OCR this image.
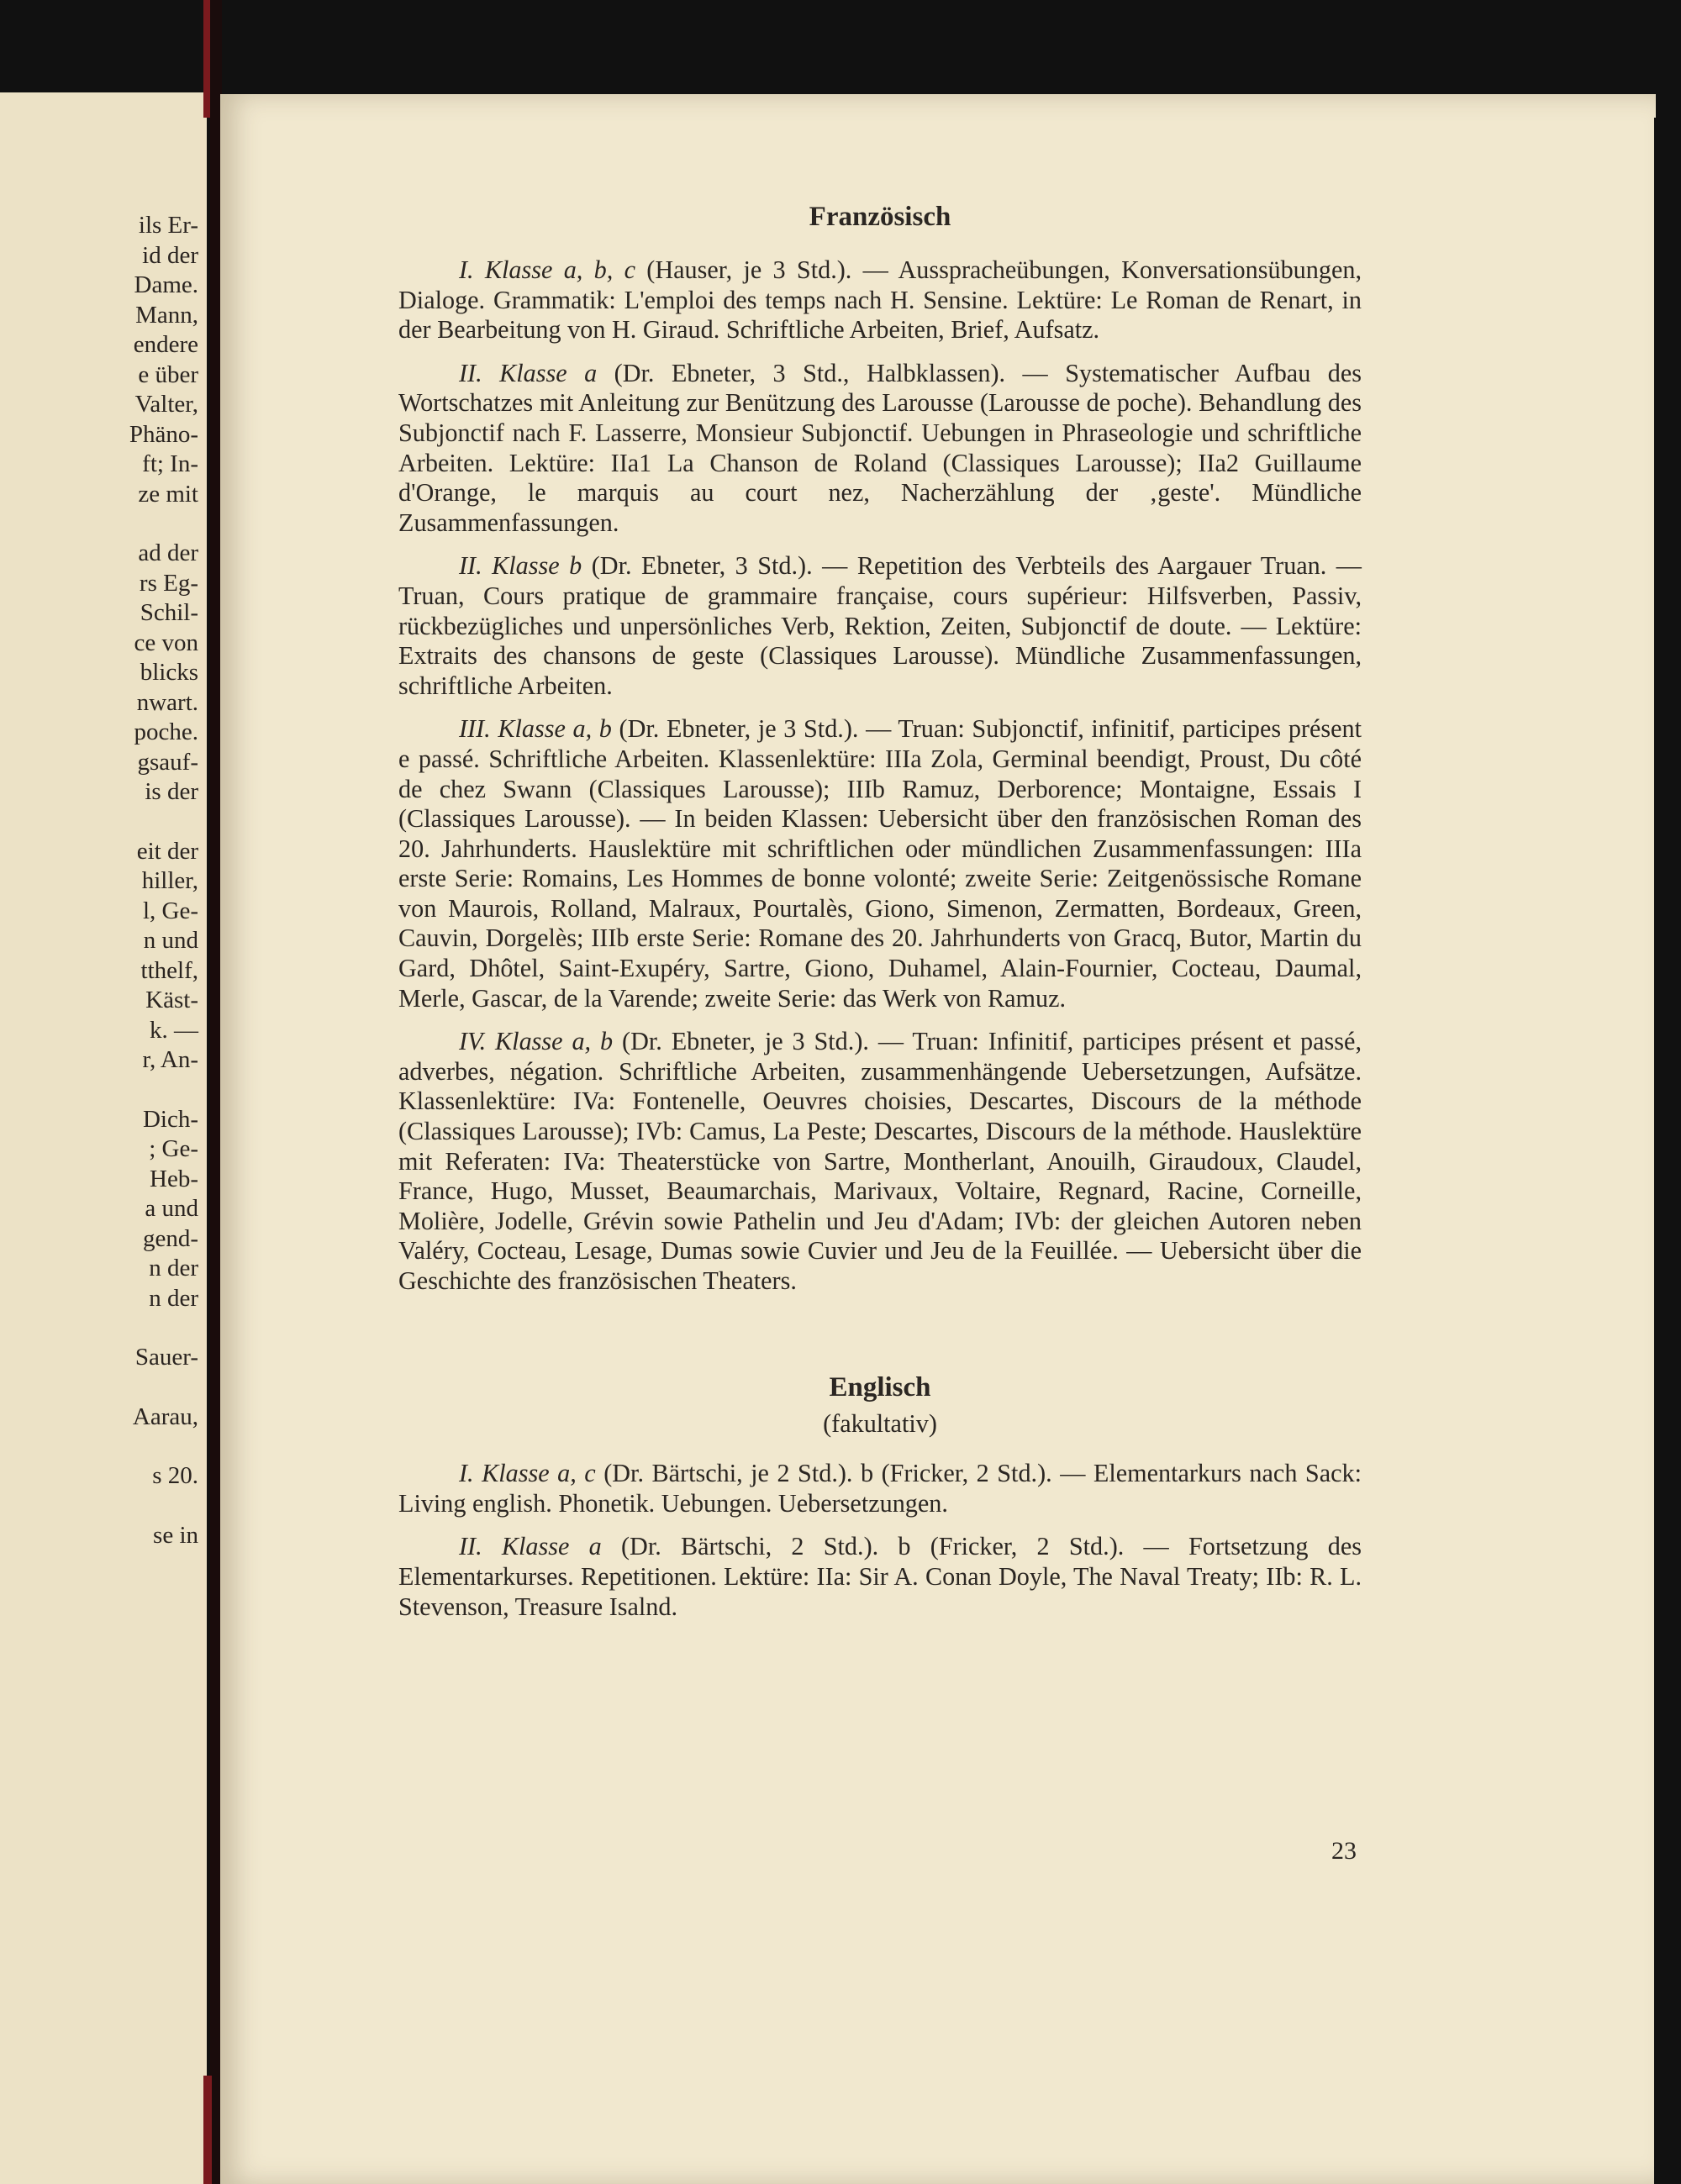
ils Er-
id der
Dame.
Mann,
endere
e über
Valter,
Phäno-
ft; In-
ze mit
ad der
rs Eg-
Schil-
ce von
blicks
nwart.
poche.
gsauf-
is der
eit der
hiller,
l, Ge-
n und
tthelf,
Käst-
k. —
r, An-
Dich-
; Ge-
Heb-
a und
gend-
n der
n der
Sauer-
Aarau,
s 20.
se in
Französisch

I. Klasse a, b, c (Hauser, je 3 Std.). — Ausspracheübungen, Konversationsübungen, Dialoge. Grammatik: L'emploi des temps nach H. Sensine. Lektüre: Le Roman de Renart, in der Bearbeitung von H. Giraud. Schriftliche Arbeiten, Brief, Aufsatz.

II. Klasse a (Dr. Ebneter, 3 Std., Halbklassen). — Systematischer Aufbau des Wortschatzes mit Anleitung zur Benützung des Larousse (Larousse de poche). Behandlung des Subjonctif nach F. Lasserre, Monsieur Subjonctif. Uebungen in Phraseologie und schriftliche Arbeiten. Lektüre: IIa1 La Chanson de Roland (Classiques Larousse); IIa2 Guillaume d'Orange, le marquis au court nez, Nacherzählung der ‚geste'. Mündliche Zusammenfassungen.

II. Klasse b (Dr. Ebneter, 3 Std.). — Repetition des Verbteils des Aargauer Truan. — Truan, Cours pratique de grammaire française, cours supérieur: Hilfsverben, Passiv, rückbezügliches und unpersönliches Verb, Rektion, Zeiten, Subjonctif de doute. — Lektüre: Extraits des chansons de geste (Classiques Larousse). Mündliche Zusammenfassungen, schriftliche Arbeiten.

III. Klasse a, b (Dr. Ebneter, je 3 Std.). — Truan: Subjonctif, infinitif, participes présent e passé. Schriftliche Arbeiten. Klassenlektüre: IIIa Zola, Germinal beendigt, Proust, Du côté de chez Swann (Classiques Larousse); IIIb Ramuz, Derborence; Montaigne, Essais I (Classiques Larousse). — In beiden Klassen: Uebersicht über den französischen Roman des 20. Jahrhunderts. Hauslektüre mit schriftlichen oder mündlichen Zusammenfassungen: IIIa erste Serie: Romains, Les Hommes de bonne volonté; zweite Serie: Zeitgenössische Romane von Maurois, Rolland, Malraux, Pourtalès, Giono, Simenon, Zermatten, Bordeaux, Green, Cauvin, Dorgelès; IIIb erste Serie: Romane des 20. Jahrhunderts von Gracq, Butor, Martin du Gard, Dhôtel, Saint-Exupéry, Sartre, Giono, Duhamel, Alain-Fournier, Cocteau, Daumal, Merle, Gascar, de la Varende; zweite Serie: das Werk von Ramuz.

IV. Klasse a, b (Dr. Ebneter, je 3 Std.). — Truan: Infinitif, participes présent et passé, adverbes, négation. Schriftliche Arbeiten, zusammenhängende Uebersetzungen, Aufsätze. Klassenlektüre: IVa: Fontenelle, Oeuvres choisies, Descartes, Discours de la méthode (Classiques Larousse); IVb: Camus, La Peste; Descartes, Discours de la méthode. Hauslektüre mit Referaten: IVa: Theaterstücke von Sartre, Montherlant, Anouilh, Giraudoux, Claudel, France, Hugo, Musset, Beaumarchais, Marivaux, Voltaire, Regnard, Racine, Corneille, Molière, Jodelle, Grévin sowie Pathelin und Jeu d'Adam; IVb: der gleichen Autoren neben Valéry, Cocteau, Lesage, Dumas sowie Cuvier und Jeu de la Feuillée. — Uebersicht über die Geschichte des französischen Theaters.

Englisch
(fakultativ)

I. Klasse a, c (Dr. Bärtschi, je 2 Std.). b (Fricker, 2 Std.). — Elementarkurs nach Sack: Living english. Phonetik. Uebungen. Uebersetzungen.

II. Klasse a (Dr. Bärtschi, 2 Std.). b (Fricker, 2 Std.). — Fortsetzung des Elementarkurses. Repetitionen. Lektüre: IIa: Sir A. Conan Doyle, The Naval Treaty; IIb: R. L. Stevenson, Treasure Isalnd.

23
